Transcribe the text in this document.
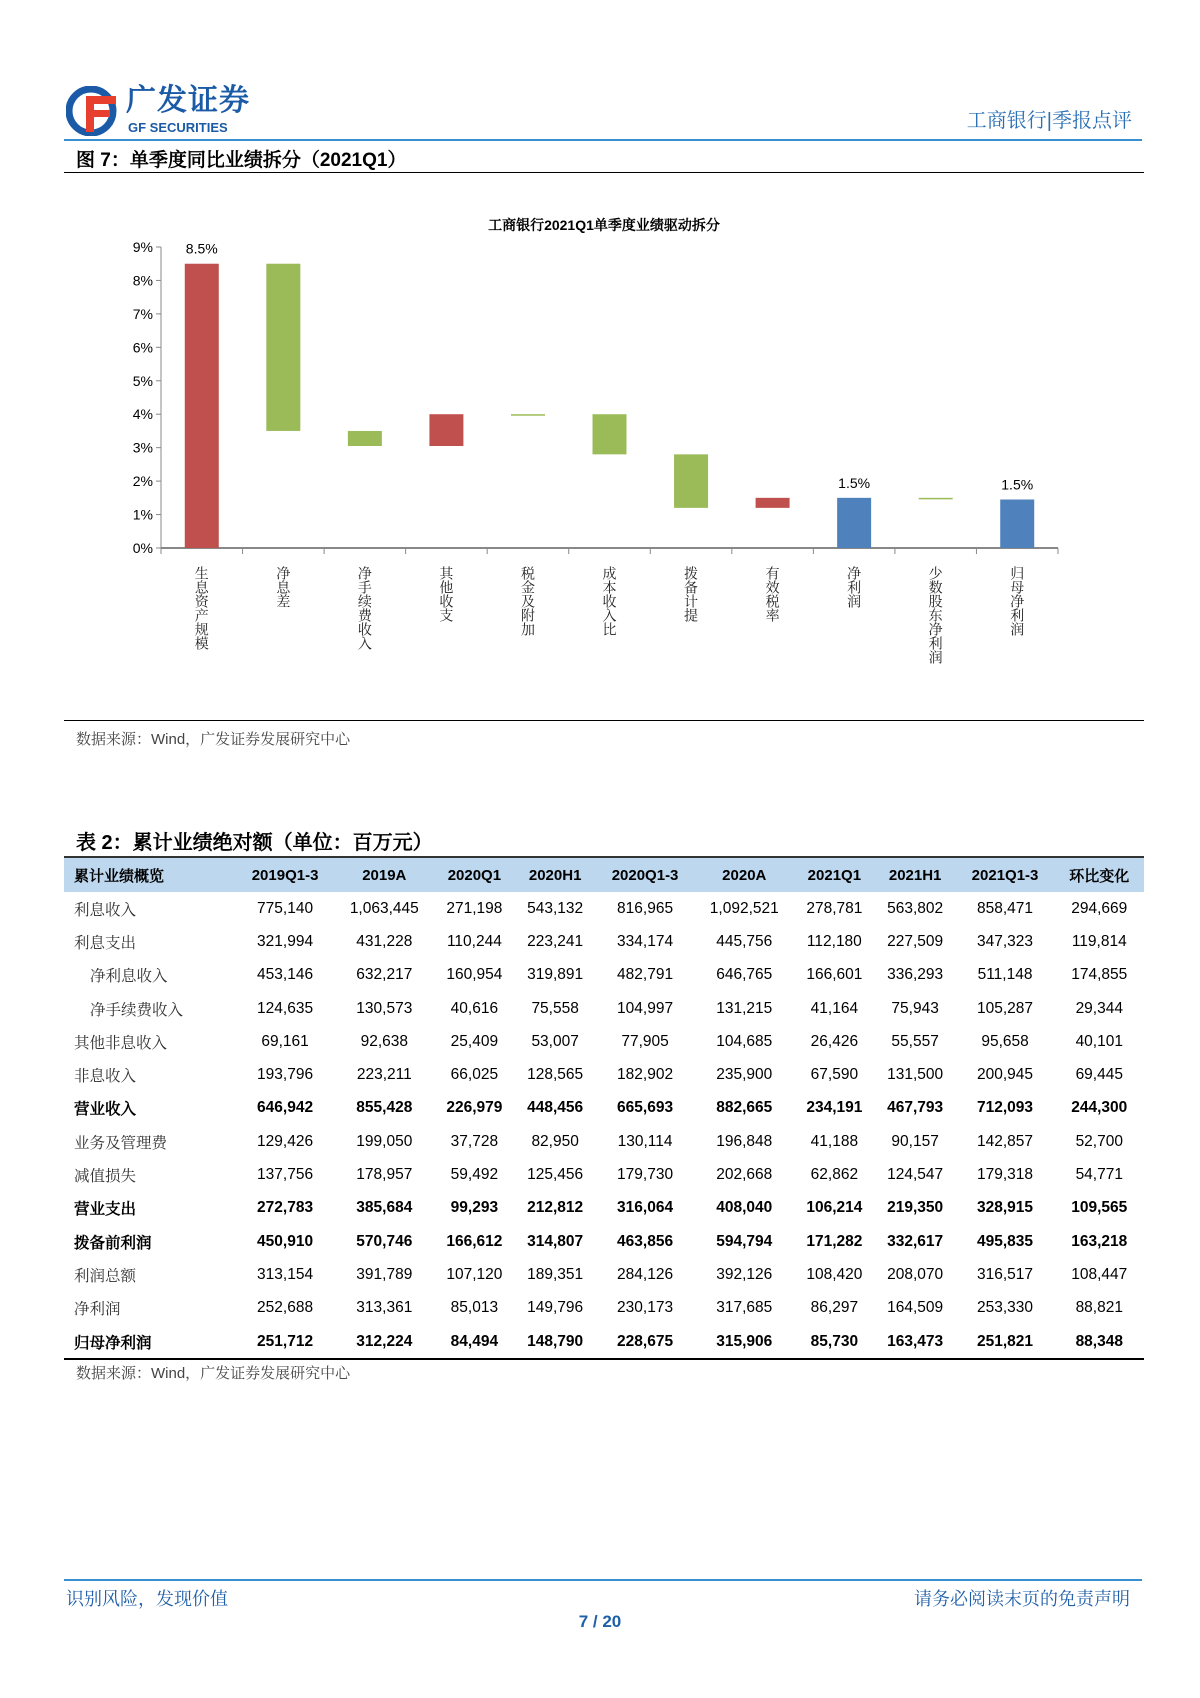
广发证券
GF SECURITIES	工商银行|季报点评
图 7：单季度同比业绩拆分（2021Q1）
工商银行2021Q1单季度业绩驱动拆分
0%
1%
2%
3%
4%
5%
6%
7%
8%
9% 8.5%
1.5%	1.5%
生息资产规模	净息差	净手续费收入	其他收支	税金及附加	成本收入比	拨备计提	有效税率	净利润	少数股东净利润	归母净利润
数据来源：Wind，广发证券发展研究中心
表 2：累计业绩绝对额（单位：百万元）
累计业绩概览	2019Q1-3	2019A	2020Q1	2020H1	2020Q1-3	2020A	2021Q1	2021H1	2021Q1-3	环比变化
利息收入	775,140	1,063,445	271,198	543,132	816,965	1,092,521	278,781	563,802	858,471	294,669
利息支出	321,994	431,228	110,244	223,241	334,174	445,756	112,180	227,509	347,323	119,814
净利息收入	453,146	632,217	160,954	319,891	482,791	646,765	166,601	336,293	511,148	174,855
净手续费收入	124,635	130,573	40,616	75,558	104,997	131,215	41,164	75,943	105,287	29,344
其他非息收入	69,161	92,638	25,409	53,007	77,905	104,685	26,426	55,557	95,658	40,101
非息收入	193,796	223,211	66,025	128,565	182,902	235,900	67,590	131,500	200,945	69,445
营业收入	646,942	855,428	226,979	448,456	665,693	882,665	234,191	467,793	712,093	244,300
业务及管理费	129,426	199,050	37,728	82,950	130,114	196,848	41,188	90,157	142,857	52,700
减值损失	137,756	178,957	59,492	125,456	179,730	202,668	62,862	124,547	179,318	54,771
营业支出	272,783	385,684	99,293	212,812	316,064	408,040	106,214	219,350	328,915	109,565
拨备前利润	450,910	570,746	166,612	314,807	463,856	594,794	171,282	332,617	495,835	163,218
利润总额	313,154	391,789	107,120	189,351	284,126	392,126	108,420	208,070	316,517	108,447
净利润	252,688	313,361	85,013	149,796	230,173	317,685	86,297	164,509	253,330	88,821
归母净利润	251,712	312,224	84,494	148,790	228,675	315,906	85,730	163,473	251,821	88,348
数据来源：Wind，广发证券发展研究中心
识别风险，发现价值	请务必阅读末页的免责声明
7 / 20
